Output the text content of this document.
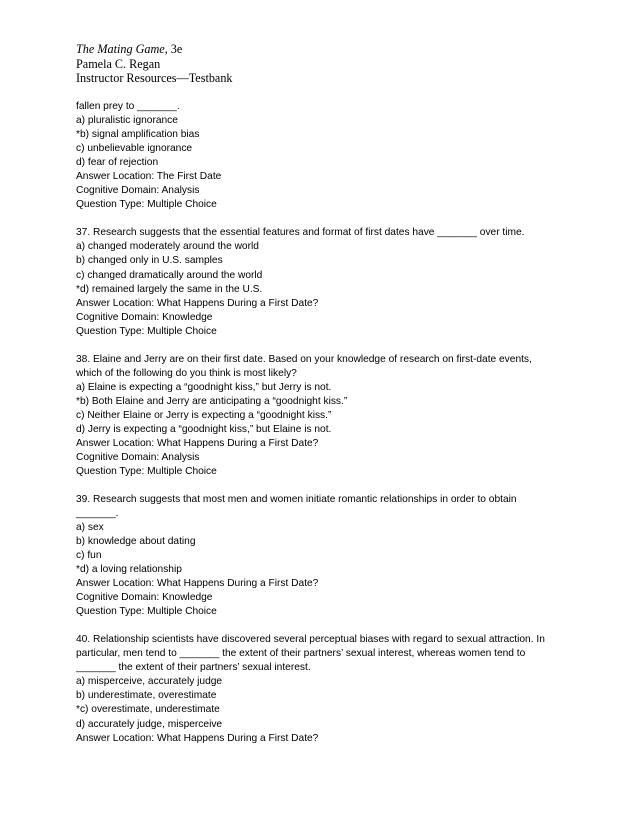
The Mating Game, 3e

Pamela C. Regan

Instructor Resources—Testbank

fallen prey to _______.

a) pluralistic ignorance

*b) signal amplification bias

c) unbelievable ignorance

d) fear of rejection

Answer Location: The First Date

Cognitive Domain: Analysis

Question Type: Multiple Choice

37. Research suggests that the essential features and format of first dates have _______ over time.

a) changed moderately around the world

b) changed only in U.S. samples

c) changed dramatically around the world

*d) remained largely the same in the U.S.

Answer Location: What Happens During a First Date?

Cognitive Domain: Knowledge

Question Type: Multiple Choice

38. Elaine and Jerry are on their first date. Based on your knowledge of research on first-date events,

which of the following do you think is most likely?

a) Elaine is expecting a “goodnight kiss,” but Jerry is not.

*b) Both Elaine and Jerry are anticipating a “goodnight kiss.”

c) Neither Elaine or Jerry is expecting a “goodnight kiss.”

d) Jerry is expecting a “goodnight kiss,” but Elaine is not.

Answer Location: What Happens During a First Date?

Cognitive Domain: Analysis

Question Type: Multiple Choice

39. Research suggests that most men and women initiate romantic relationships in order to obtain

_______.

a) sex

b) knowledge about dating

c) fun

*d) a loving relationship

Answer Location: What Happens During a First Date?

Cognitive Domain: Knowledge

Question Type: Multiple Choice

40. Relationship scientists have discovered several perceptual biases with regard to sexual attraction. In

particular, men tend to _______ the extent of their partners’ sexual interest, whereas women tend to

_______ the extent of their partners’ sexual interest.

a) misperceive, accurately judge

b) underestimate, overestimate

*c) overestimate, underestimate

d) accurately judge, misperceive

Answer Location: What Happens During a First Date?
